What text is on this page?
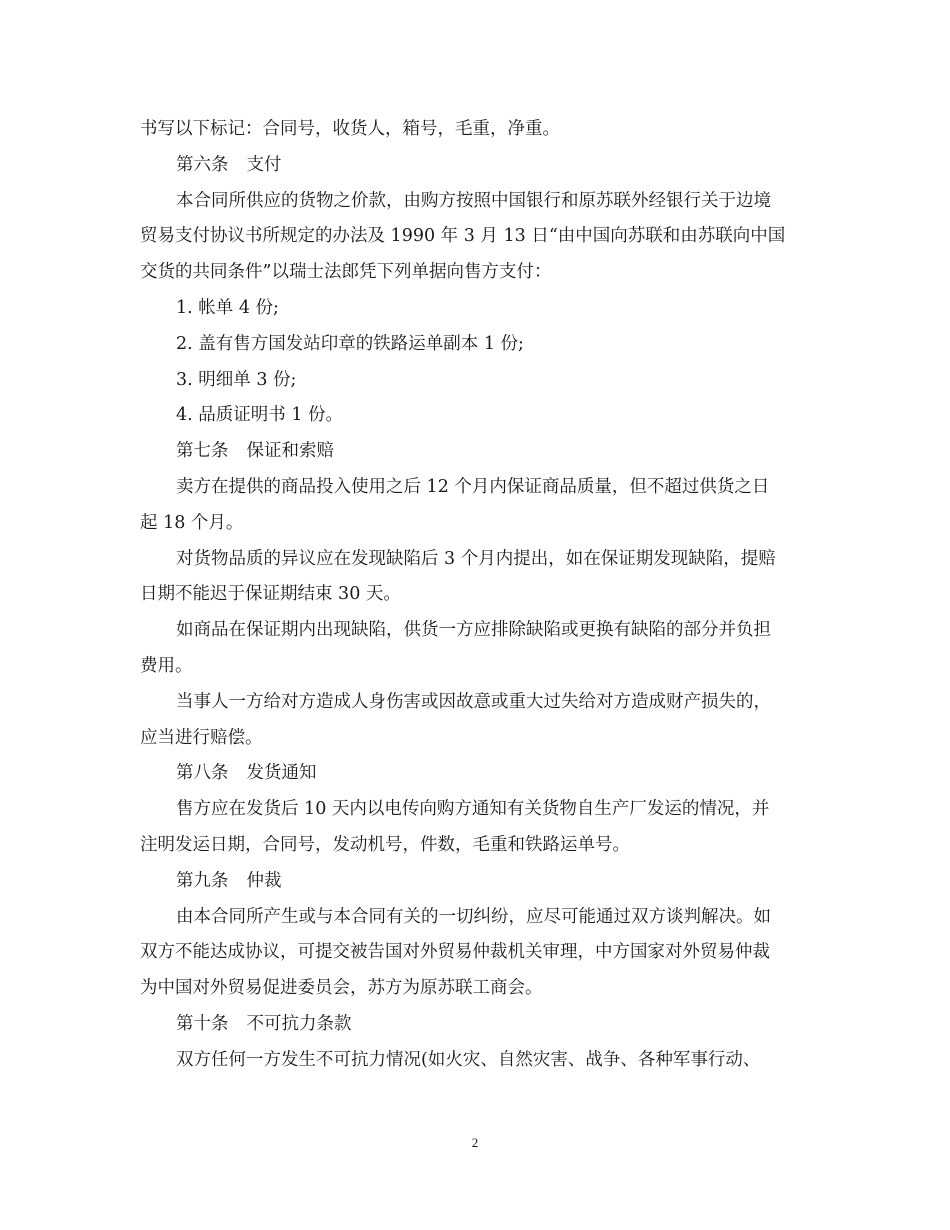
书写以下标记：合同号，收货人，箱号，毛重，净重。
第六条 支付
本合同所供应的货物之价款，由购方按照中国银行和原苏联外经银行关于边境
贸易支付协议书所规定的办法及 1990 年 3 月 13 日“由中国向苏联和由苏联向中国
交货的共同条件”以瑞士法郎凭下列单据向售方支付：
1. 帐单 4 份;
2. 盖有售方国发站印章的铁路运单副本 1 份;
3. 明细单 3 份;
4. 品质证明书 1 份。
第七条 保证和索赔
卖方在提供的商品投入使用之后 12 个月内保证商品质量，但不超过供货之日
起 18 个月。
对货物品质的异议应在发现缺陷后 3 个月内提出，如在保证期发现缺陷，提赔
日期不能迟于保证期结束 30 天。
如商品在保证期内出现缺陷，供货一方应排除缺陷或更换有缺陷的部分并负担
费用。
当事人一方给对方造成人身伤害或因故意或重大过失给对方造成财产损失的，
应当进行赔偿。
第八条 发货通知
售方应在发货后 10 天内以电传向购方通知有关货物自生产厂发运的情况，并
注明发运日期，合同号，发动机号，件数，毛重和铁路运单号。
第九条 仲裁
由本合同所产生或与本合同有关的一切纠纷，应尽可能通过双方谈判解决。如
双方不能达成协议，可提交被告国对外贸易仲裁机关审理，中方国家对外贸易仲裁
为中国对外贸易促进委员会，苏方为原苏联工商会。
第十条 不可抗力条款
双方任何一方发生不可抗力情况(如火灾、自然灾害、战争、各种军事行动、
2
